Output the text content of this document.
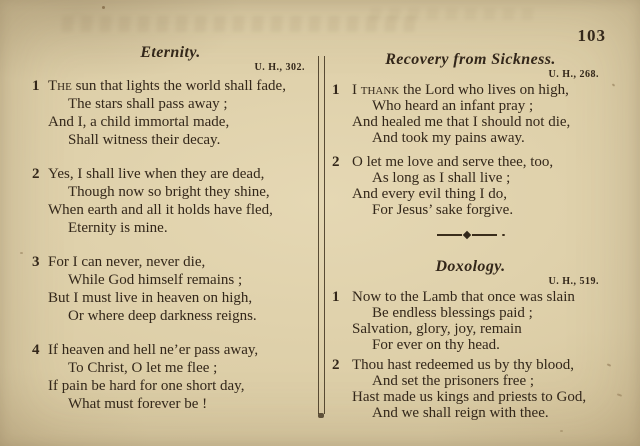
103
Eternity.
U. H., 302.
1 The sun that lights the world shall fade,
The stars shall pass away ;
And I, a child immortal made,
Shall witness their decay.
2 Yes, I shall live when they are dead,
Though now so bright they shine,
When earth and all it holds have fled,
Eternity is mine.
3 For I can never, never die,
While God himself remains ;
But I must live in heaven on high,
Or where deep darkness reigns.
4 If heaven and hell ne’er pass away,
To Christ, O let me flee ;
If pain be hard for one short day,
What must forever be !
Recovery from Sickness.
U. H., 268.
1 I thank the Lord who lives on high,
Who heard an infant pray ;
And healed me that I should not die,
And took my pains away.
2 O let me love and serve thee, too,
As long as I shall live ;
And every evil thing I do,
For Jesus’ sake forgive.
Doxology.
U. H., 519.
1 Now to the Lamb that once was slain
Be endless blessings paid ;
Salvation, glory, joy, remain
For ever on thy head.
2 Thou hast redeemed us by thy blood,
And set the prisoners free ;
Hast made us kings and priests to God,
And we shall reign with thee.
